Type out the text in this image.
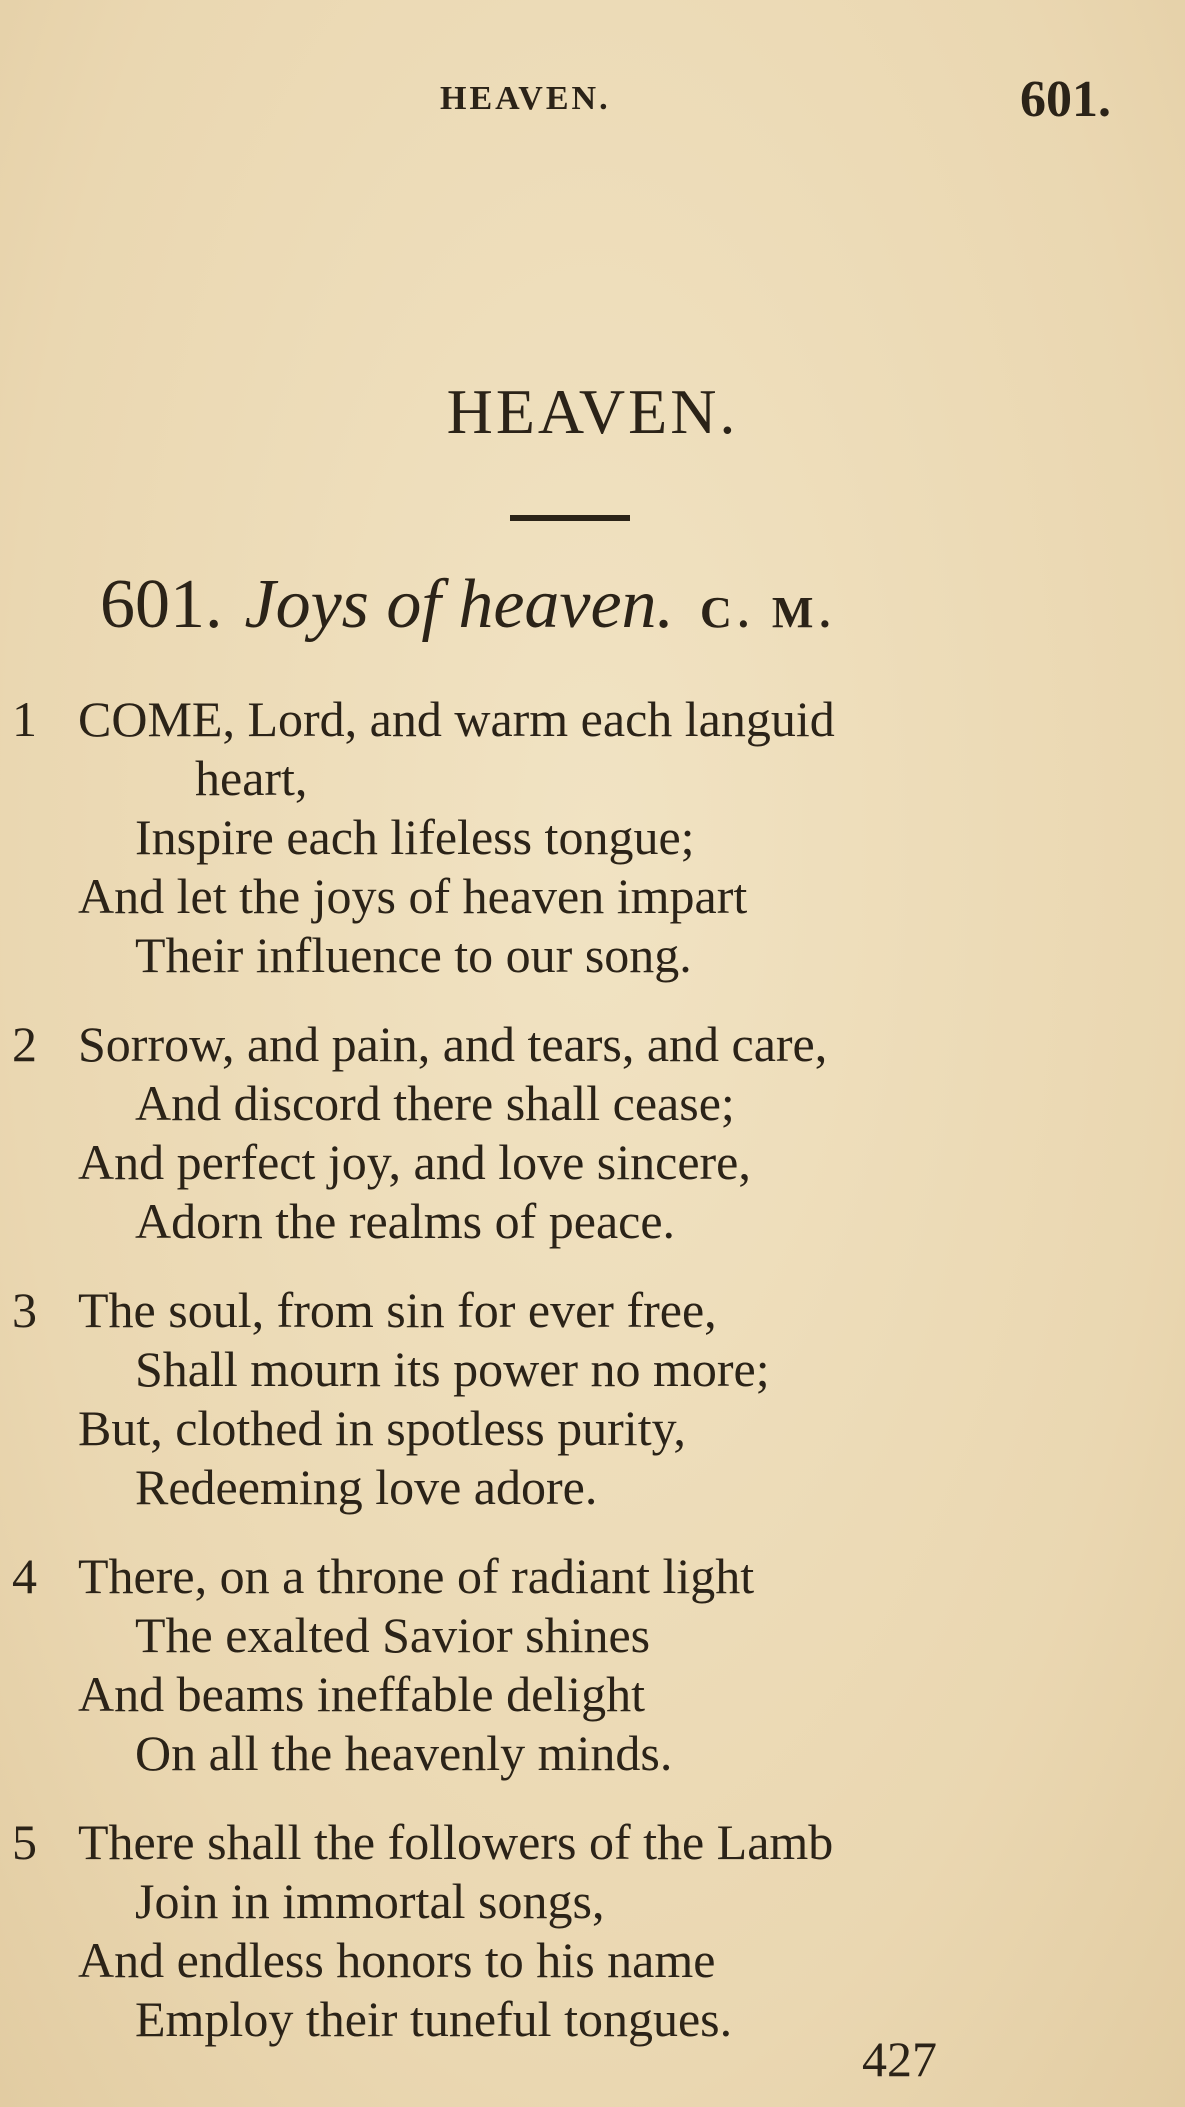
HEAVEN.	601.
HEAVEN.
601. Joys of heaven. C. M.
1 COME, Lord, and warm each languid
heart,
Inspire each lifeless tongue;
And let the joys of heaven impart
Their influence to our song.
2 Sorrow, and pain, and tears, and care,
And discord there shall cease;
And perfect joy, and love sincere,
Adorn the realms of peace.
3 The soul, from sin for ever free,
Shall mourn its power no more;
But, clothed in spotless purity,
Redeeming love adore.
4 There, on a throne of radiant light
The exalted Savior shines
And beams ineffable delight
On all the heavenly minds.
5 There shall the followers of the Lamb
Join in immortal songs,
And endless honors to his name
Employ their tuneful tongues.
427
